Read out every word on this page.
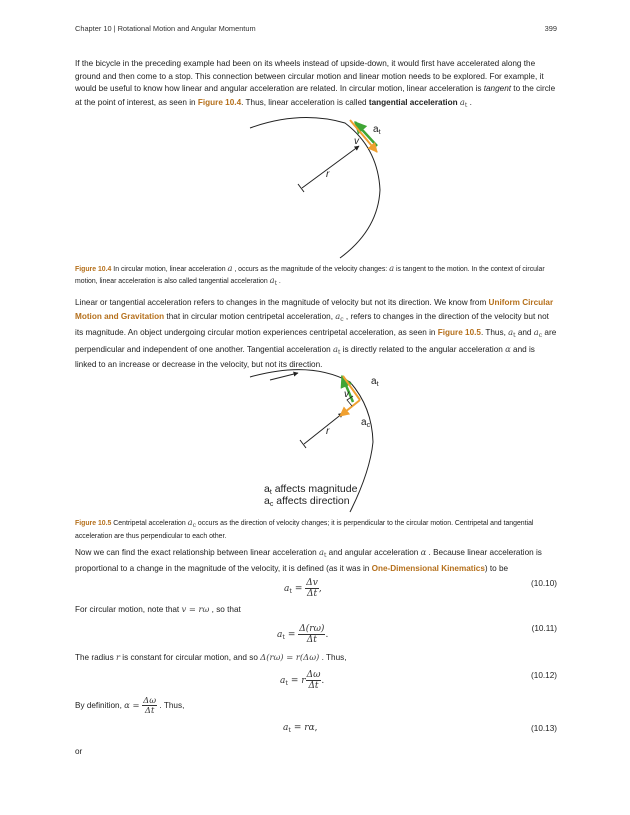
Chapter 10 | Rotational Motion and Angular Momentum	399

If the bicycle in the preceding example had been on its wheels instead of upside-down, it would first have accelerated along the ground and then come to a stop. This connection between circular motion and linear motion needs to be explored. For example, it would be useful to know how linear and angular acceleration are related. In circular motion, linear acceleration is tangent to the circle at the point of interest, as seen in Figure 10.4. Thus, linear acceleration is called tangential acceleration $a_t$ .

$a_t$
v
r

Figure 10.4 In circular motion, linear acceleration a , occurs as the magnitude of the velocity changes: a is tangent to the motion. In the context of circular motion, linear acceleration is also called tangential acceleration $a_t$ .

Linear or tangential acceleration refers to changes in the magnitude of velocity but not its direction. We know from Uniform Circular Motion and Gravitation that in circular motion centripetal acceleration, $a_c$ , refers to changes in the direction of the velocity but not its magnitude. An object undergoing circular motion experiences centripetal acceleration, as seen in Figure 10.5. Thus, $a_t$ and $a_c$ are perpendicular and independent of one another. Tangential acceleration $a_t$ is directly related to the angular acceleration α and is linked to an increase or decrease in the velocity, but not its direction.

$a_t$
v
$a_c$
r
at affects magnitude
ac affects direction

Figure 10.5 Centripetal acceleration $a_c$ occurs as the direction of velocity changes; it is perpendicular to the circular motion. Centripetal and tangential acceleration are thus perpendicular to each other.

Now we can find the exact relationship between linear acceleration $a_t$ and angular acceleration α . Because linear acceleration is proportional to a change in the magnitude of the velocity, it is defined (as it was in One-Dimensional Kinematics) to be

$a_t = \frac{\Delta v}{\Delta t}$ ,
(10.10)

For circular motion, note that v = rω , so that

$a_t = \frac{\Delta(r\omega)}{\Delta t}$ .
(10.11)

The radius r is constant for circular motion, and so Δ(rω) = r(Δω) . Thus,

$a_t = r \frac{\Delta\omega}{\Delta t}$ .
(10.12)
By definition, $\alpha = \frac{\Delta\omega}{\Delta t}$ . Thus,
$a_t = r\alpha$,	(10.13)

or
